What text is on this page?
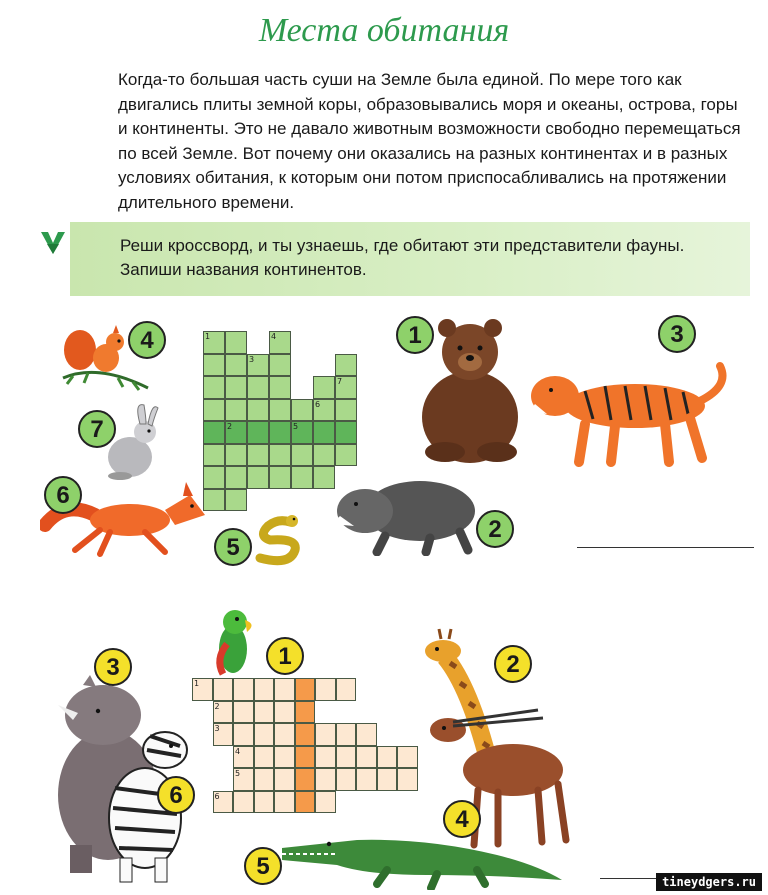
Места обитания

Когда-то большая часть суши на Земле была единой. По мере того как двигались плиты земной коры, образовывались моря и океаны, острова, горы и континенты. Это не давало животным возможности свободно перемещаться по всей Земле. Вот почему они оказались на разных континентах и в разных условиях обитания, к которым они потом приспосабливались на протяжении длительного времени.

Реши кроссворд, и ты узнаешь, где обитают эти представители фауны. Запиши названия континентов.

4
7
6
5
1	3
2
1
3
6
2
4
5
tineydgers.ru
1
2
3
4
5
6
7
1
2
3
4
5
6
